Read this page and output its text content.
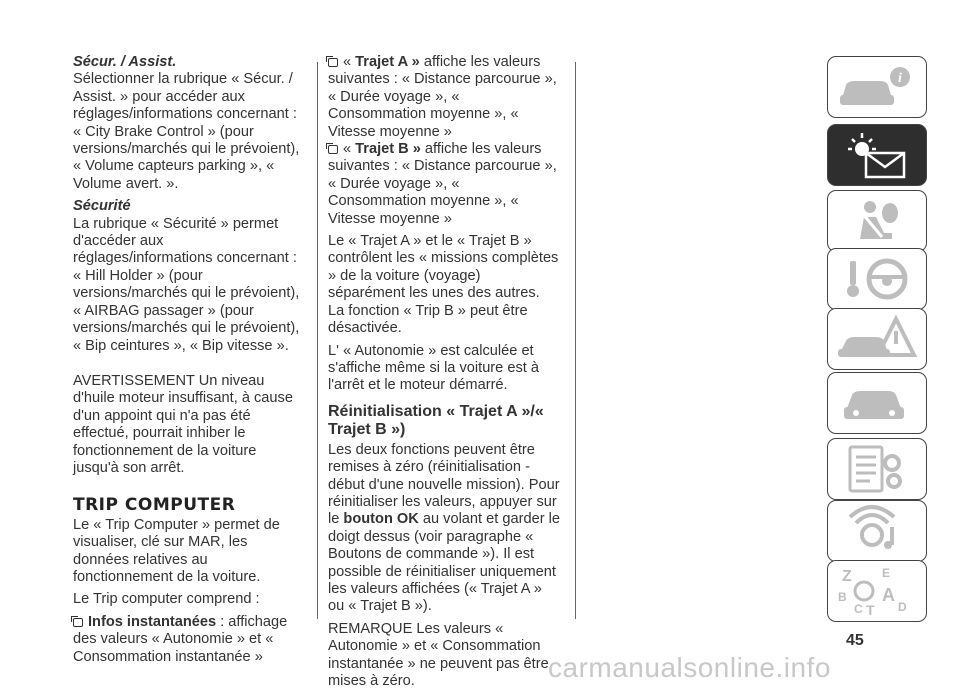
Sécur. / Assist.

Sélectionner la rubrique « Sécur. / Assist. » pour accéder aux réglages/informations concernant : « City Brake Control » (pour versions/marchés qui le prévoient), « Volume capteurs parking », « Volume avert. ».

Sécurité

La rubrique « Sécurité » permet d'accéder aux réglages/informations concernant : « Hill Holder » (pour versions/marchés qui le prévoient), « AIRBAG passager » (pour versions/marchés qui le prévoient), « Bip ceintures », « Bip vitesse ».

AVERTISSEMENT Un niveau d'huile moteur insuffisant, à cause d'un appoint qui n'a pas été effectué, pourrait inhiber le fonctionnement de la voiture jusqu'à son arrêt.

TRIP COMPUTER

Le « Trip Computer » permet de visualiser, clé sur MAR, les données relatives au fonctionnement de la voiture.

Le Trip computer comprend :

Infos instantanées : affichage des valeurs « Autonomie » et « Consommation instantanée »

« Trajet A » affiche les valeurs suivantes : « Distance parcourue », « Durée voyage », « Consommation moyenne », « Vitesse moyenne »

« Trajet B » affiche les valeurs suivantes : « Distance parcourue », « Durée voyage », « Consommation moyenne », « Vitesse moyenne »

Le « Trajet A » et le « Trajet B » contrôlent les « missions complètes » de la voiture (voyage) séparément les unes des autres. La fonction « Trip B » peut être désactivée.

L' « Autonomie » est calculée et s'affiche même si la voiture est à l'arrêt et le moteur démarré.

Réinitialisation « Trajet A »/« Trajet B »)

Les deux fonctions peuvent être remises à zéro (réinitialisation - début d'une nouvelle mission). Pour réinitialiser les valeurs, appuyer sur le bouton OK au volant et garder le doigt dessus (voir paragraphe « Boutons de commande »). Il est possible de réinitialiser uniquement les valeurs affichées (« Trajet A » ou « Trajet B »).

REMARQUE Les valeurs « Autonomie » et « Consommation instantanée » ne peuvent pas être mises à zéro.

i
Z	E
B A
C T D
45
carmanualsonline.info
